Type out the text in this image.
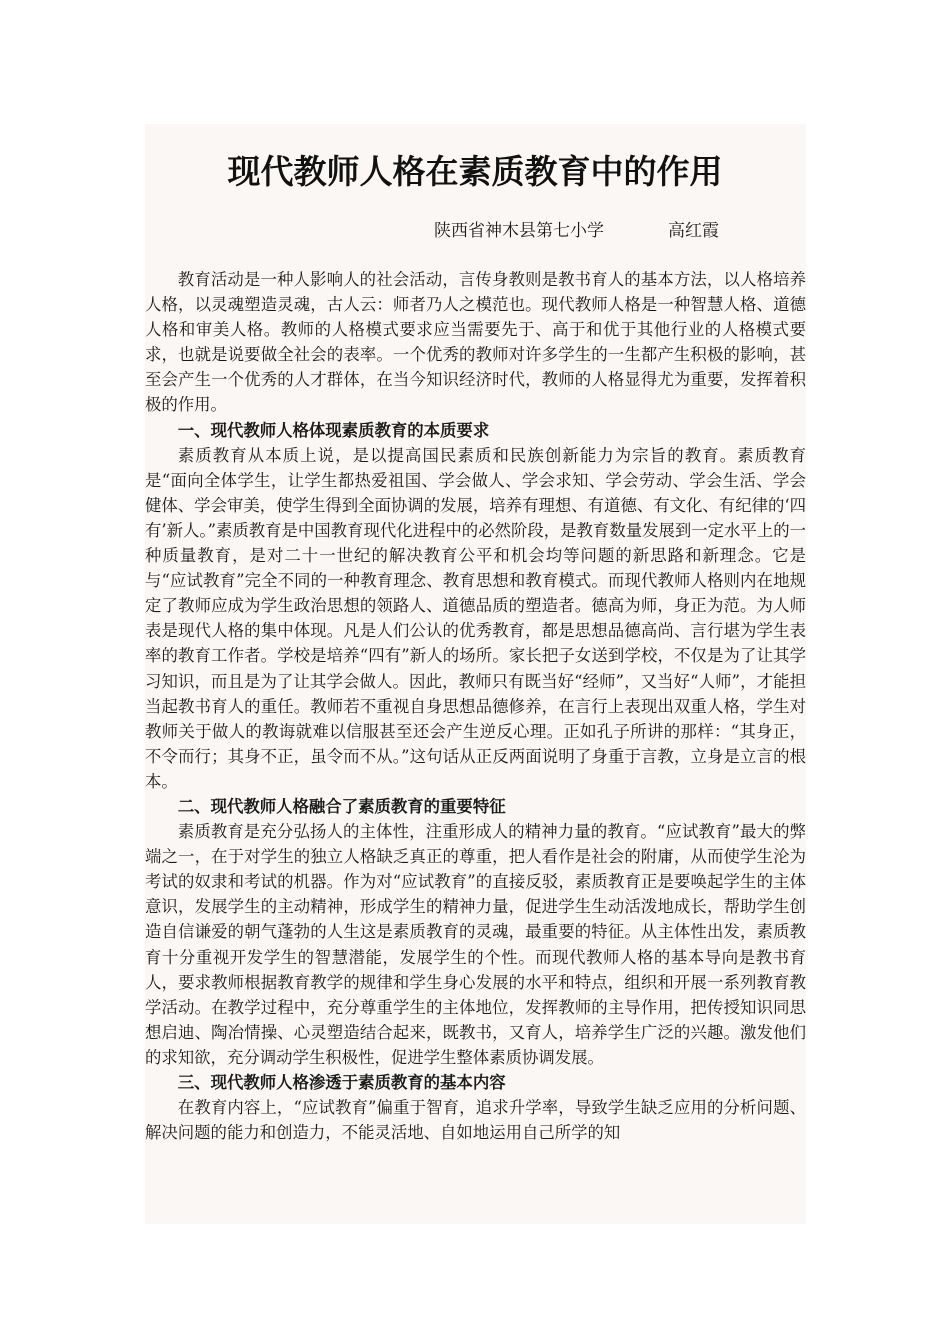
现代教师人格在素质教育中的作用
陕西省神木县第七小学	高红霞

教育活动是一种人影响人的社会活动，言传身教则是教书育人的基本方法，以人格培养人格，以灵魂塑造灵魂，古人云：师者乃人之模范也。现代教师人格是一种智慧人格、道德人格和审美人格。教师的人格模式要求应当需要先于、高于和优于其他行业的人格模式要求，也就是说要做全社会的表率。一个优秀的教师对许多学生的一生都产生积极的影响，甚至会产生一个优秀的人才群体，在当今知识经济时代，教师的人格显得尤为重要，发挥着积极的作用。

一、现代教师人格体现素质教育的本质要求

素质教育从本质上说，是以提高国民素质和民族创新能力为宗旨的教育。素质教育是“面向全体学生，让学生都热爱祖国、学会做人、学会求知、学会劳动、学会生活、学会健体、学会审美，使学生得到全面协调的发展，培养有理想、有道德、有文化、有纪律的‘四有’新人。”素质教育是中国教育现代化进程中的必然阶段，是教育数量发展到一定水平上的一种质量教育，是对二十一世纪的解决教育公平和机会均等问题的新思路和新理念。它是与“应试教育”完全不同的一种教育理念、教育思想和教育模式。而现代教师人格则内在地规定了教师应成为学生政治思想的领路人、道德品质的塑造者。德高为师，身正为范。为人师表是现代人格的集中体现。凡是人们公认的优秀教育，都是思想品德高尚、言行堪为学生表率的教育工作者。学校是培养“四有”新人的场所。家长把子女送到学校，不仅是为了让其学习知识，而且是为了让其学会做人。因此，教师只有既当好“经师”，又当好“人师”，才能担当起教书育人的重任。教师若不重视自身思想品德修养，在言行上表现出双重人格，学生对教师关于做人的教诲就难以信服甚至还会产生逆反心理。正如孔子所讲的那样：“其身正，不令而行；其身不正，虽令而不从。”这句话从正反两面说明了身重于言教，立身是立言的根本。

二、现代教师人格融合了素质教育的重要特征

素质教育是充分弘扬人的主体性，注重形成人的精神力量的教育。“应试教育”最大的弊端之一，在于对学生的独立人格缺乏真正的尊重，把人看作是社会的附庸，从而使学生沦为考试的奴隶和考试的机器。作为对“应试教育”的直接反驳，素质教育正是要唤起学生的主体意识，发展学生的主动精神，形成学生的精神力量，促进学生生动活泼地成长，帮助学生创造自信谦爱的朝气蓬勃的人生这是素质教育的灵魂，最重要的特征。从主体性出发，素质教育十分重视开发学生的智慧潜能，发展学生的个性。而现代教师人格的基本导向是教书育人，要求教师根据教育教学的规律和学生身心发展的水平和特点，组织和开展一系列教育教学活动。在教学过程中，充分尊重学生的主体地位，发挥教师的主导作用，把传授知识同思想启迪、陶冶情操、心灵塑造结合起来，既教书，又育人，培养学生广泛的兴趣。激发他们的求知欲，充分调动学生积极性，促进学生整体素质协调发展。

三、现代教师人格渗透于素质教育的基本内容

在教育内容上，“应试教育”偏重于智育，追求升学率，导致学生缺乏应用的分析问题、解决问题的能力和创造力，不能灵活地、自如地运用自己所学的知
